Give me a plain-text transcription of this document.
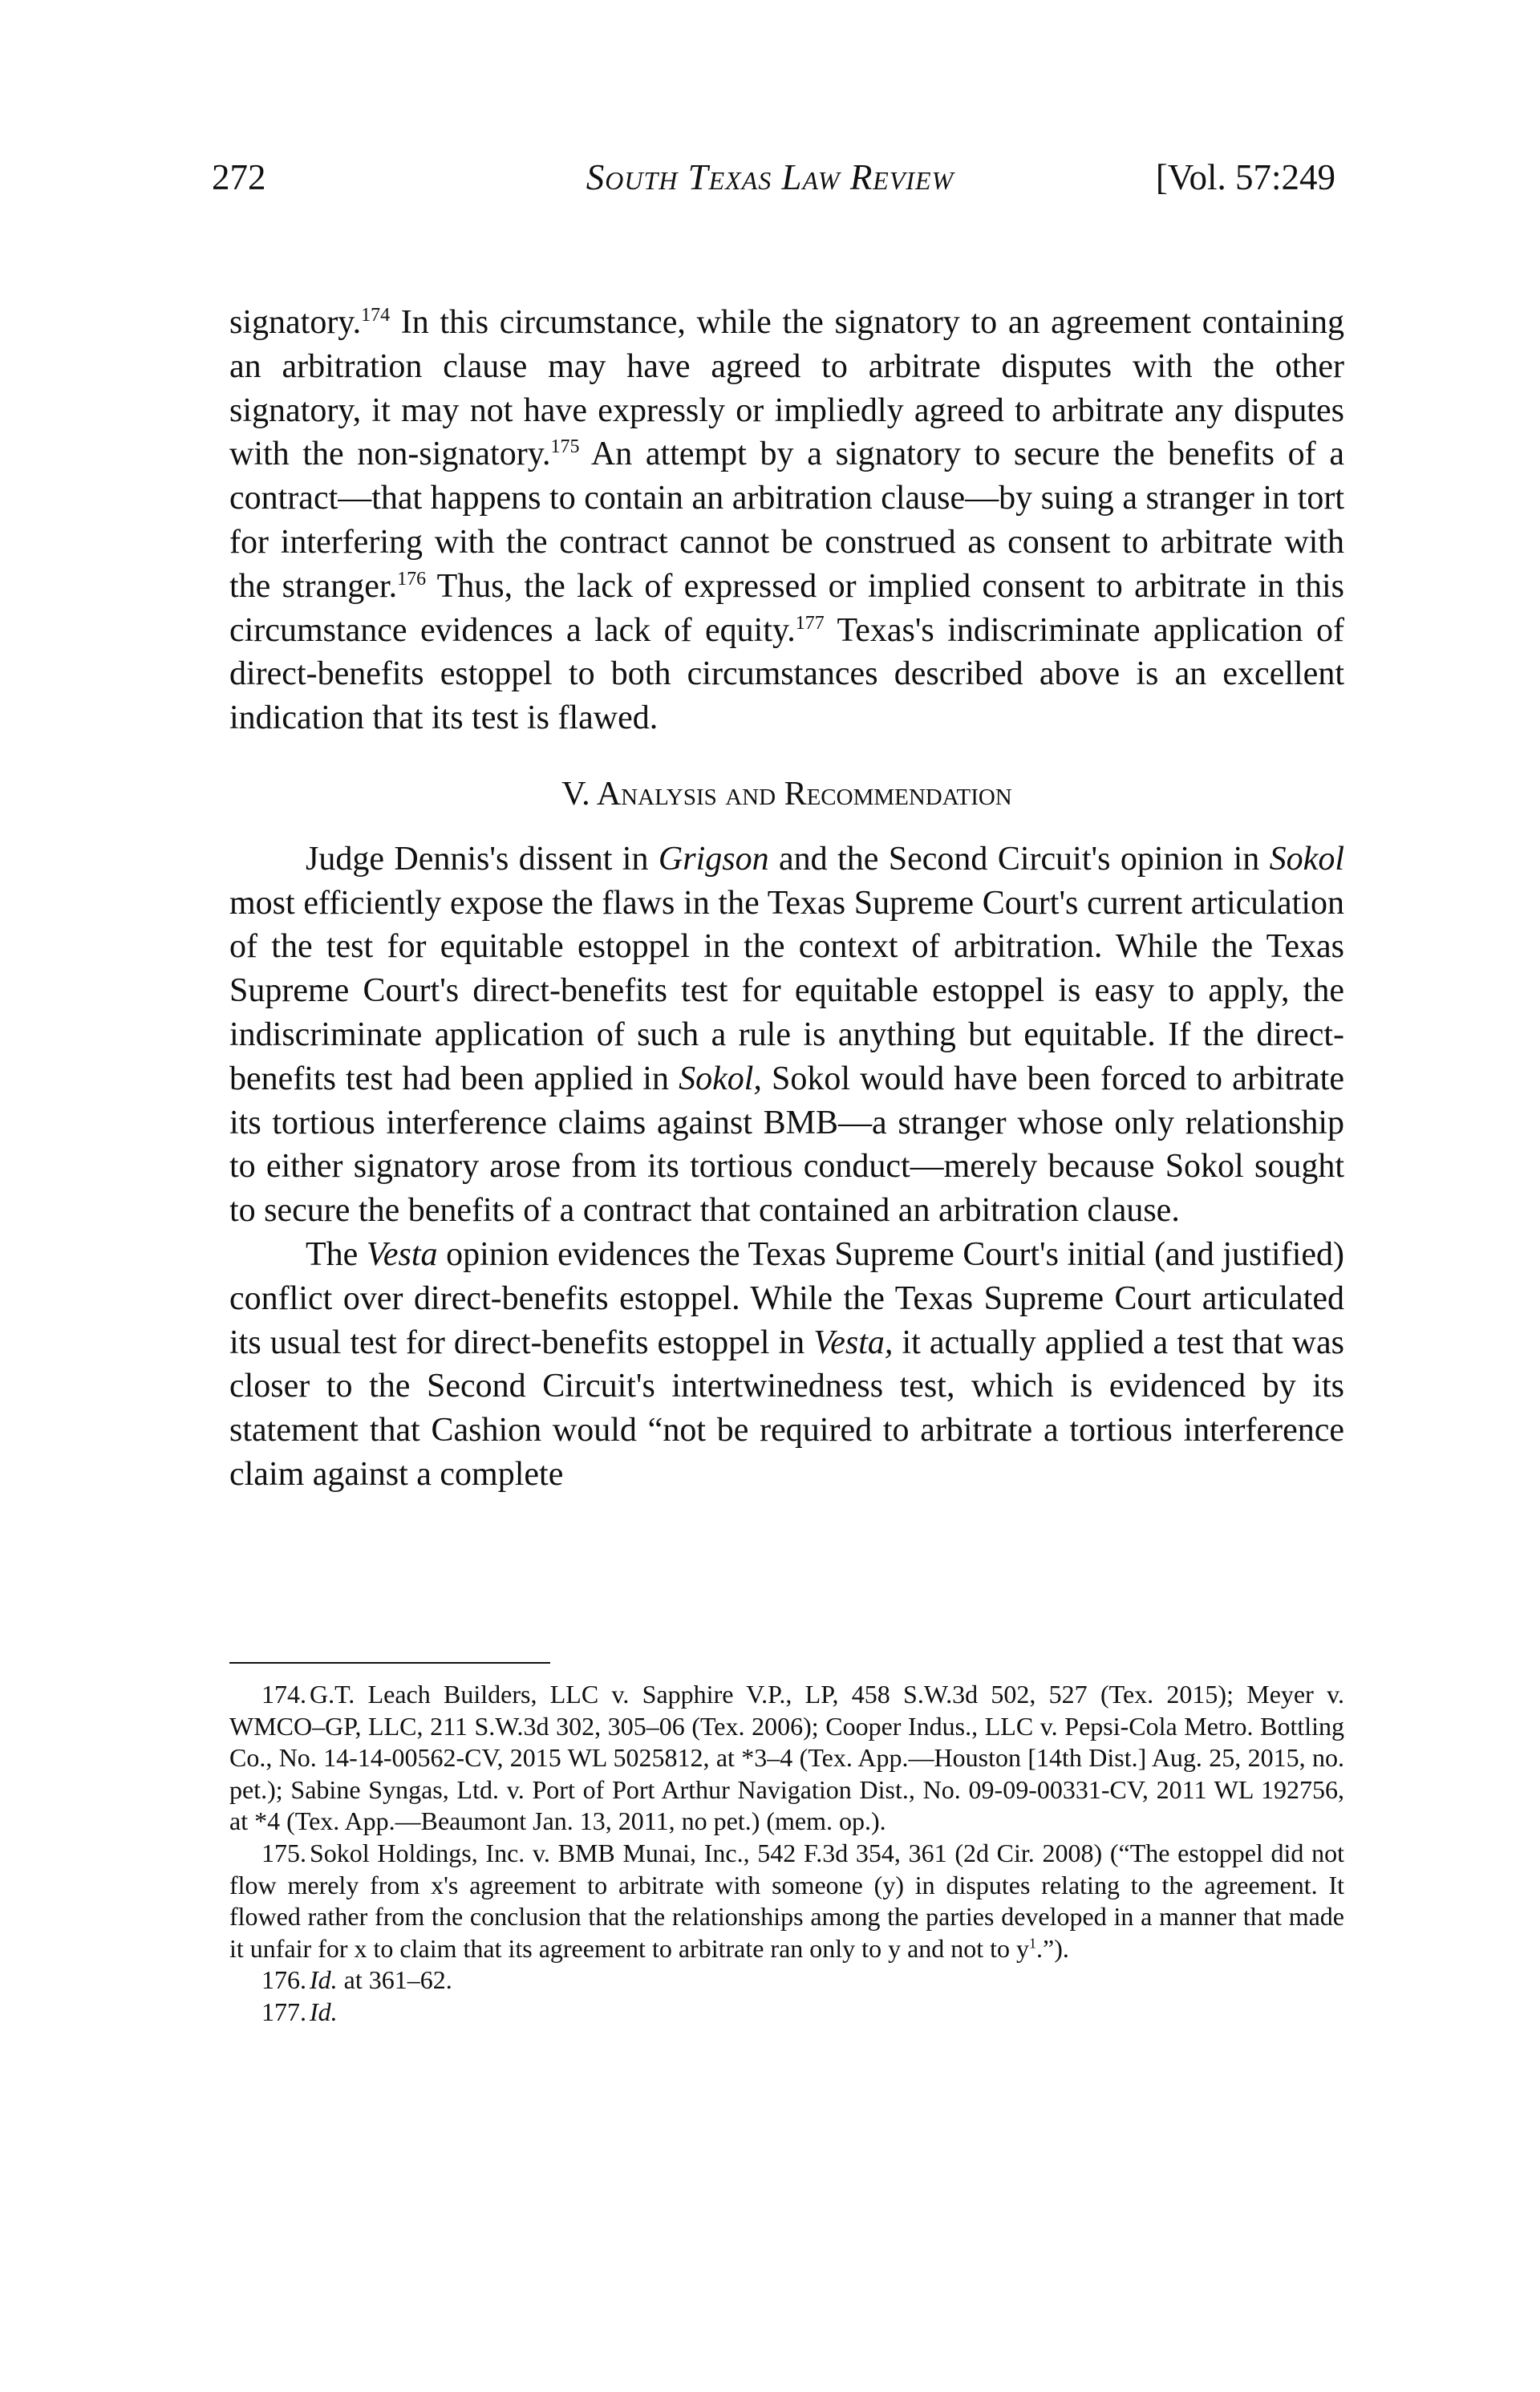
272	South Texas Law Review	[Vol. 57:249

signatory.$^{174}$ In this circumstance, while the signatory to an agreement containing an arbitration clause may have agreed to arbitrate disputes with the other signatory, it may not have expressly or impliedly agreed to arbitrate any disputes with the non-signatory.$^{175}$ An attempt by a signatory to secure the benefits of a contract—that happens to contain an arbitration clause—by suing a stranger in tort for interfering with the contract cannot be construed as consent to arbitrate with the stranger.$^{176}$ Thus, the lack of expressed or implied consent to arbitrate in this circumstance evidences a lack of equity.$^{177}$ Texas's indiscriminate application of direct-benefits estoppel to both circumstances described above is an excellent indication that its test is flawed.

V. Analysis and Recommendation

Judge Dennis's dissent in Grigson and the Second Circuit's opinion in Sokol most efficiently expose the flaws in the Texas Supreme Court's current articulation of the test for equitable estoppel in the context of arbitration. While the Texas Supreme Court's direct-benefits test for equitable estoppel is easy to apply, the indiscriminate application of such a rule is anything but equitable. If the direct-benefits test had been applied in Sokol, Sokol would have been forced to arbitrate its tortious interference claims against BMB—a stranger whose only relationship to either signatory arose from its tortious conduct—merely because Sokol sought to secure the benefits of a contract that contained an arbitration clause.

The Vesta opinion evidences the Texas Supreme Court's initial (and justified) conflict over direct-benefits estoppel. While the Texas Supreme Court articulated its usual test for direct-benefits estoppel in Vesta, it actually applied a test that was closer to the Second Circuit's intertwinedness test, which is evidenced by its statement that Cashion would “not be required to arbitrate a tortious interference claim against a complete

174. G.T. Leach Builders, LLC v. Sapphire V.P., LP, 458 S.W.3d 502, 527 (Tex. 2015); Meyer v. WMCO–GP, LLC, 211 S.W.3d 302, 305–06 (Tex. 2006); Cooper Indus., LLC v. Pepsi-Cola Metro. Bottling Co., No. 14-14-00562-CV, 2015 WL 5025812, at *3–4 (Tex. App.—Houston [14th Dist.] Aug. 25, 2015, no. pet.); Sabine Syngas, Ltd. v. Port of Port Arthur Navigation Dist., No. 09-09-00331-CV, 2011 WL 192756, at *4 (Tex. App.—Beaumont Jan. 13, 2011, no pet.) (mem. op.).

175. Sokol Holdings, Inc. v. BMB Munai, Inc., 542 F.3d 354, 361 (2d Cir. 2008) (“The estoppel did not flow merely from x's agreement to arbitrate with someone (y) in disputes relating to the agreement. It flowed rather from the conclusion that the relationships among the parties developed in a manner that made it unfair for x to claim that its agreement to arbitrate ran only to y and not to $y^1$.”).

176. Id. at 361–62.

177. Id.
